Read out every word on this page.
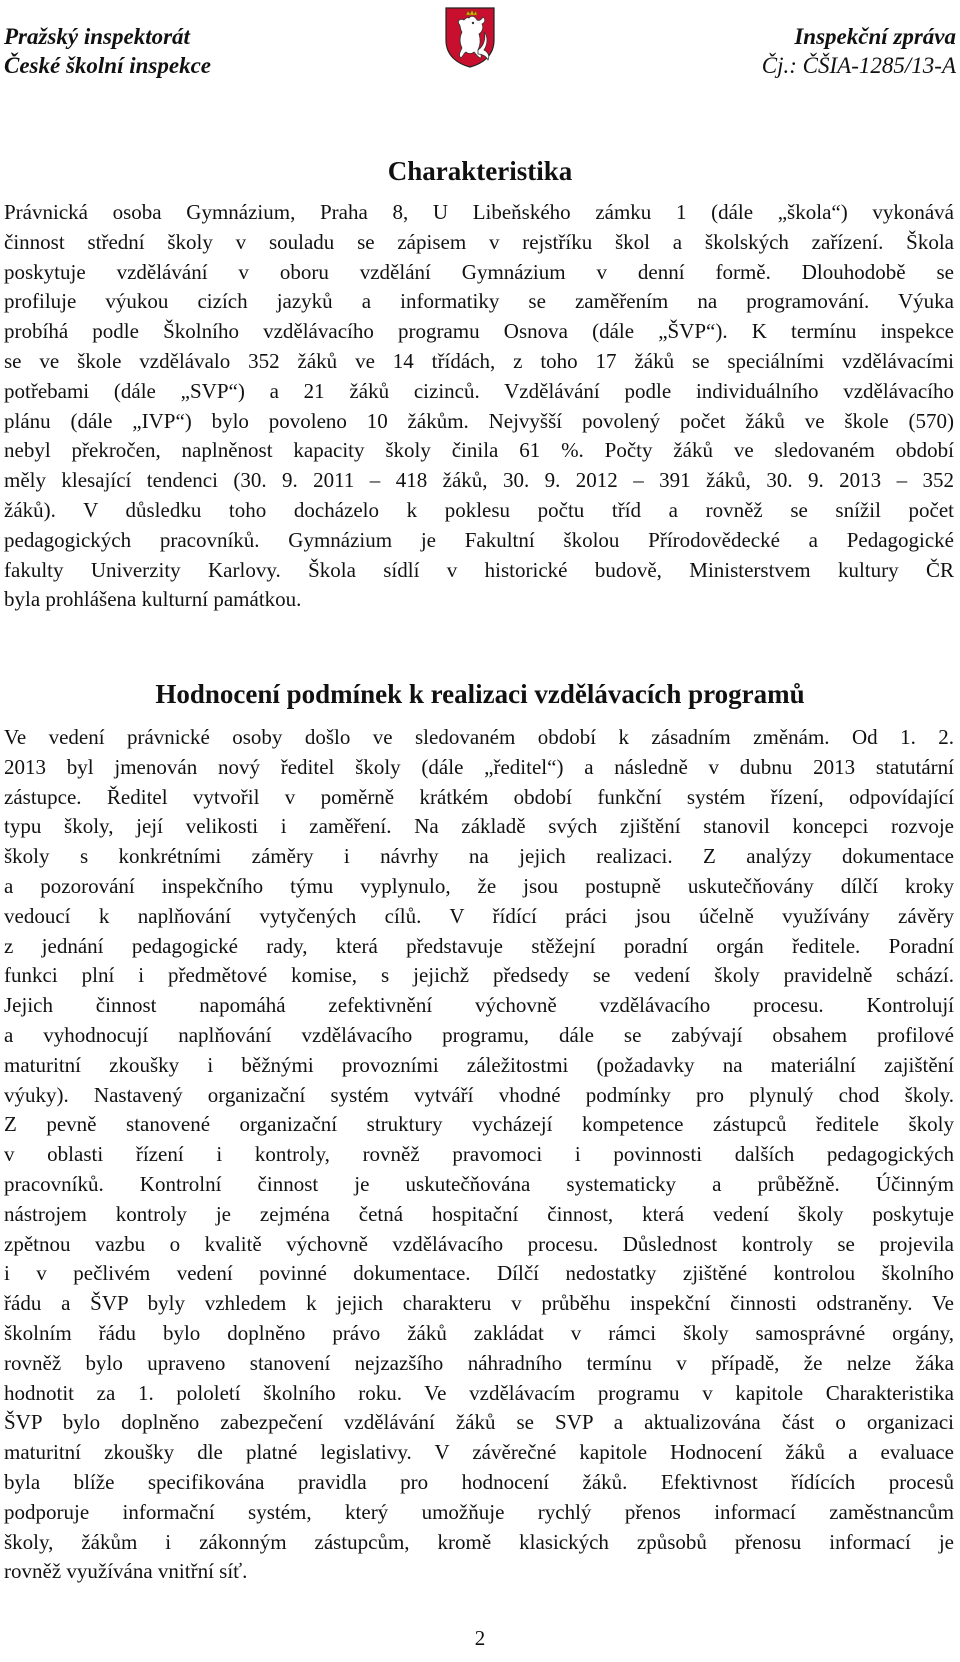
Pražský inspektorát
České školní inspekce
Inspekční zpráva
Čj.: ČŠIA-1285/13-A
Charakteristika
Právnická osoba Gymnázium, Praha 8, U Libeňského zámku 1 (dále „škola“) vykonává
činnost střední školy v souladu se zápisem v rejstříku škol a školských zařízení. Škola
poskytuje vzdělávání v oboru vzdělání Gymnázium v denní formě. Dlouhodobě se
profiluje výukou cizích jazyků a informatiky se zaměřením na programování. Výuka
probíhá podle Školního vzdělávacího programu Osnova (dále „ŠVP“). K termínu inspekce
se ve škole vzdělávalo 352 žáků ve 14 třídách, z toho 17 žáků se speciálními vzdělávacími
potřebami (dále „SVP“) a 21 žáků cizinců. Vzdělávání podle individuálního vzdělávacího
plánu (dále „IVP“) bylo povoleno 10 žákům. Nejvyšší povolený počet žáků ve škole (570)
nebyl překročen, naplněnost kapacity školy činila 61 %. Počty žáků ve sledovaném období
měly klesající tendenci (30. 9. 2011 – 418 žáků, 30. 9. 2012 – 391 žáků, 30. 9. 2013 – 352
žáků). V důsledku toho docházelo k poklesu počtu tříd a rovněž se snížil počet
pedagogických pracovníků. Gymnázium je Fakultní školou Přírodovědecké a Pedagogické
fakulty Univerzity Karlovy. Škola sídlí v historické budově, Ministerstvem kultury ČR
byla prohlášena kulturní památkou.
Hodnocení podmínek k realizaci vzdělávacích programů
Ve vedení právnické osoby došlo ve sledovaném období k zásadním změnám. Od 1. 2.
2013 byl jmenován nový ředitel školy (dále „ředitel“) a následně v dubnu 2013 statutární
zástupce. Ředitel vytvořil v poměrně krátkém období funkční systém řízení, odpovídající
typu školy, její velikosti i zaměření. Na základě svých zjištění stanovil koncepci rozvoje
školy s konkrétními záměry i návrhy na jejich realizaci. Z analýzy dokumentace
a pozorování inspekčního týmu vyplynulo, že jsou postupně uskutečňovány dílčí kroky
vedoucí k naplňování vytyčených cílů. V řídící práci jsou účelně využívány závěry
z jednání pedagogické rady, která představuje stěžejní poradní orgán ředitele. Poradní
funkci plní i předmětové komise, s jejichž předsedy se vedení školy pravidelně schází.
Jejich činnost napomáhá zefektivnění výchovně vzdělávacího procesu. Kontrolují
a vyhodnocují naplňování vzdělávacího programu, dále se zabývají obsahem profilové
maturitní zkoušky i běžnými provozními záležitostmi (požadavky na materiální zajištění
výuky). Nastavený organizační systém vytváří vhodné podmínky pro plynulý chod školy.
Z pevně stanovené organizační struktury vycházejí kompetence zástupců ředitele školy
v oblasti řízení i kontroly, rovněž pravomoci i povinnosti dalších pedagogických
pracovníků. Kontrolní činnost je uskutečňována systematicky a průběžně. Účinným
nástrojem kontroly je zejména četná hospitační činnost, která vedení školy poskytuje
zpětnou vazbu o kvalitě výchovně vzdělávacího procesu. Důslednost kontroly se projevila
i v pečlivém vedení povinné dokumentace. Dílčí nedostatky zjištěné kontrolou školního
řádu a ŠVP byly vzhledem k jejich charakteru v průběhu inspekční činnosti odstraněny. Ve
školním řádu bylo doplněno právo žáků zakládat v rámci školy samosprávné orgány,
rovněž bylo upraveno stanovení nejzazšího náhradního termínu v případě, že nelze žáka
hodnotit za 1. pololetí školního roku. Ve vzdělávacím programu v kapitole Charakteristika
ŠVP bylo doplněno zabezpečení vzdělávání žáků se SVP a aktualizována část o organizaci
maturitní zkoušky dle platné legislativy. V závěrečné kapitole Hodnocení žáků a evaluace
byla blíže specifikována pravidla pro hodnocení žáků. Efektivnost řídících procesů
podporuje informační systém, který umožňuje rychlý přenos informací zaměstnancům
školy, žákům i zákonným zástupcům, kromě klasických způsobů přenosu informací je
rovněž využívána vnitřní síť.
2
